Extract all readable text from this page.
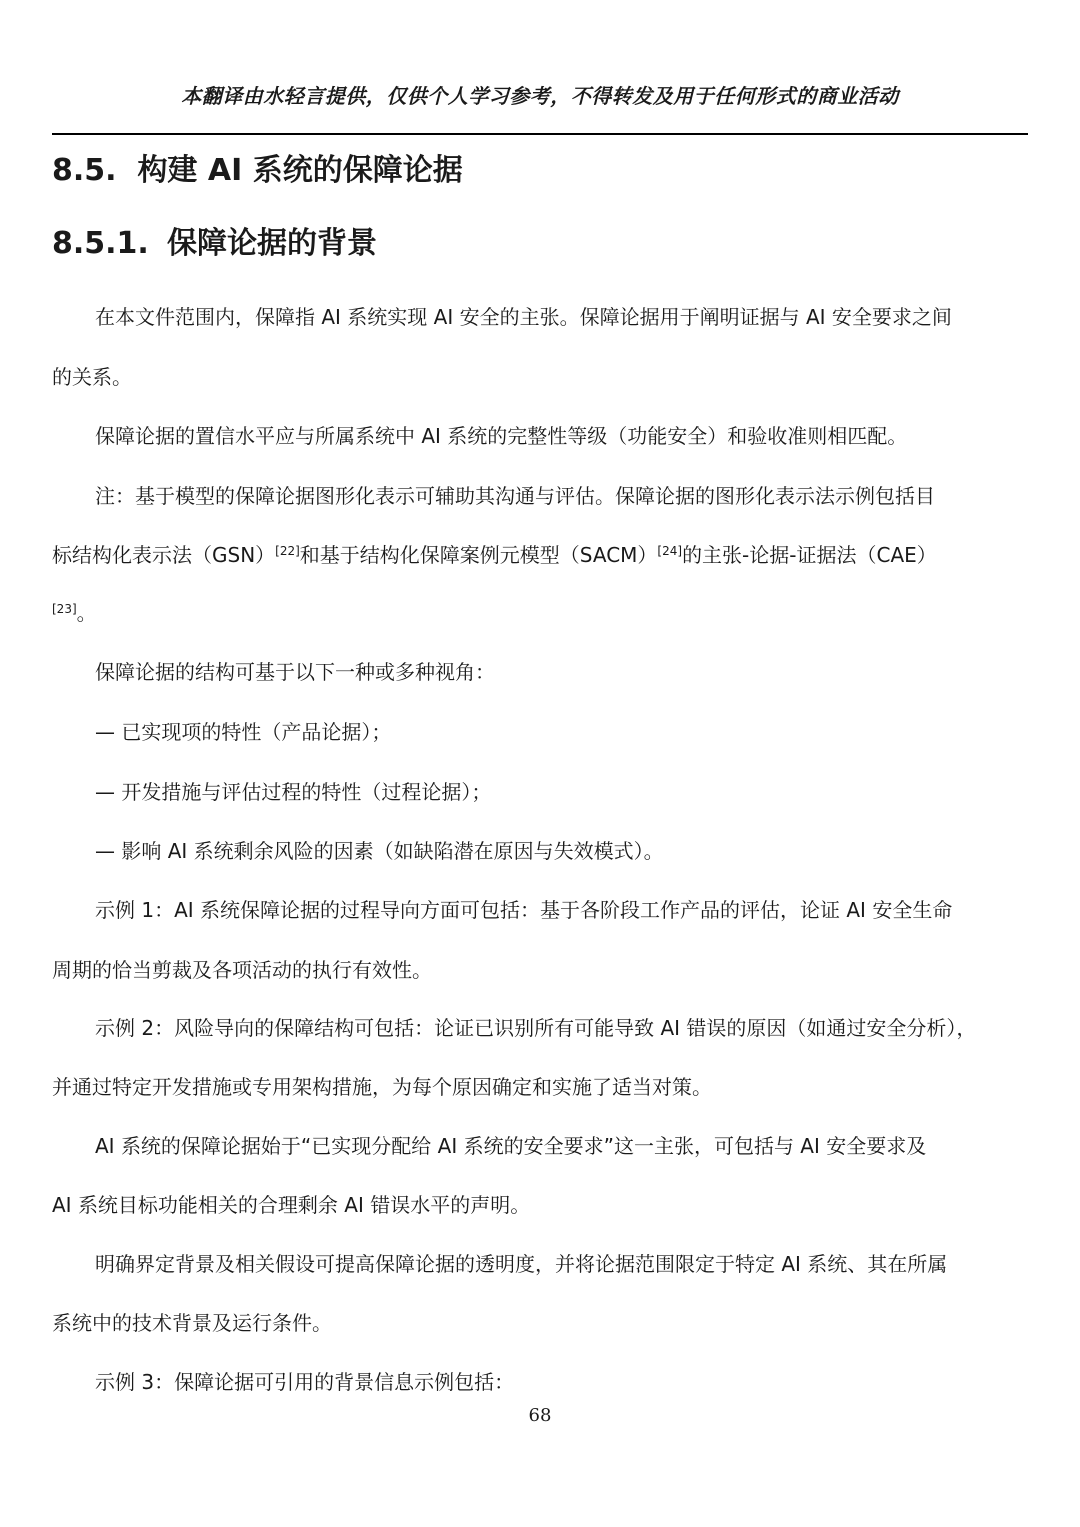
本翻译由水轻言提供，仅供个人学习参考，不得转发及用于任何形式的商业活动
8.5. 构建 AI 系统的保障论据
8.5.1. 保障论据的背景
在本文件范围内，保障指 AI 系统实现 AI 安全的主张。保障论据用于阐明证据与 AI 安全要求之间
的关系。
保障论据的置信水平应与所属系统中 AI 系统的完整性等级（功能安全）和验收准则相匹配。
注：基于模型的保障论据图形化表示可辅助其沟通与评估。保障论据的图形化表示法示例包括目
标结构化表示法（GSN）[22]和基于结构化保障案例元模型（SACM）[24]的主张-论据-证据法（CAE）
[23]。
保障论据的结构可基于以下一种或多种视角：
— 已实现项的特性（产品论据）；
— 开发措施与评估过程的特性（过程论据）；
— 影响 AI 系统剩余风险的因素（如缺陷潜在原因与失效模式）。
示例 1：AI 系统保障论据的过程导向方面可包括：基于各阶段工作产品的评估，论证 AI 安全生命
周期的恰当剪裁及各项活动的执行有效性。
示例 2：风险导向的保障结构可包括：论证已识别所有可能导致 AI 错误的原因（如通过安全分析），
并通过特定开发措施或专用架构措施，为每个原因确定和实施了适当对策。
AI 系统的保障论据始于“已实现分配给 AI 系统的安全要求”这一主张，可包括与 AI 安全要求及
AI 系统目标功能相关的合理剩余 AI 错误水平的声明。
明确界定背景及相关假设可提高保障论据的透明度，并将论据范围限定于特定 AI 系统、其在所属
系统中的技术背景及运行条件。
示例 3：保障论据可引用的背景信息示例包括：
68
